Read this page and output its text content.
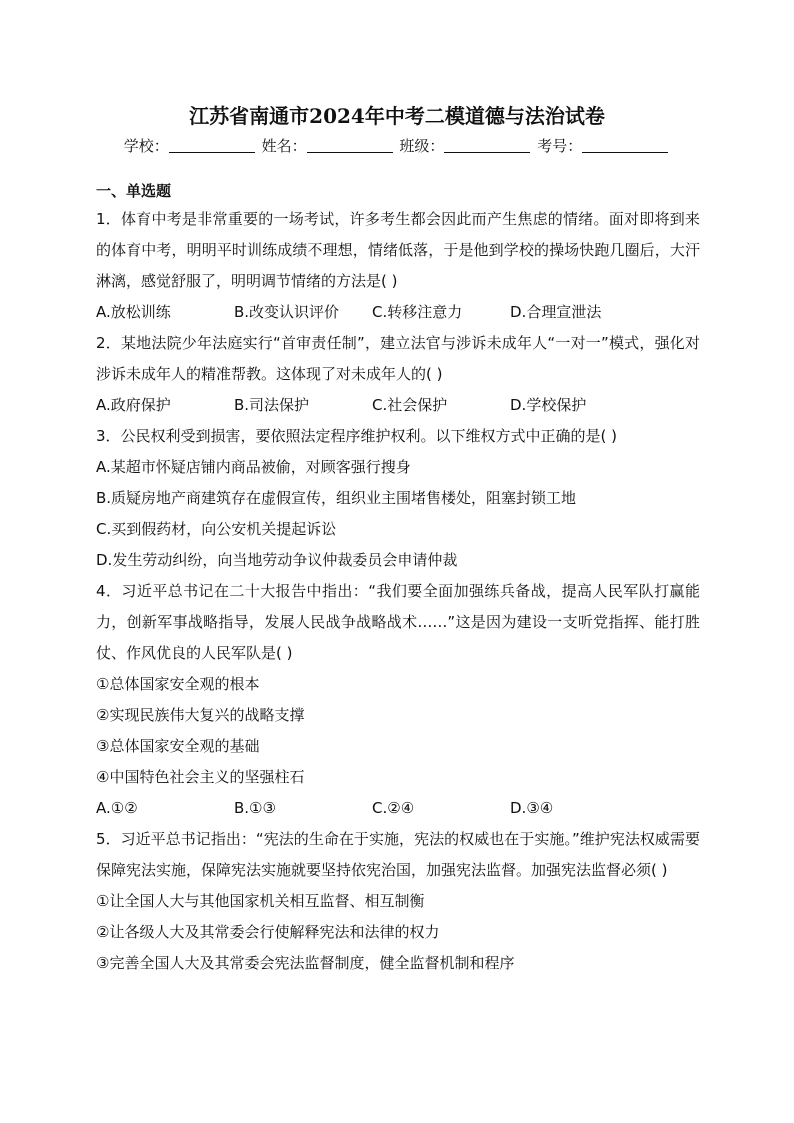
江苏省南通市2024年中考二模道德与法治试卷
学校：	姓名：	班级：	考号：
一、单选题
1．体育中考是非常重要的一场考试，许多考生都会因此而产生焦虑的情绪。面对即将到来的体育中考，明明平时训练成绩不理想，情绪低落，于是他到学校的操场快跑几圈后，大汗淋漓，感觉舒服了，明明调节情绪的方法是( )
A.放松训练	B.改变认识评价	C.转移注意力	D.合理宣泄法
2．某地法院少年法庭实行“首审责任制”，建立法官与涉诉未成年人“一对一”模式，强化对涉诉未成年人的精准帮教。这体现了对未成年人的( )
A.政府保护	B.司法保护	C.社会保护	D.学校保护
3．公民权利受到损害，要依照法定程序维护权利。以下维权方式中正确的是( )
A.某超市怀疑店铺内商品被偷，对顾客强行搜身
B.质疑房地产商建筑存在虚假宣传，组织业主围堵售楼处，阻塞封锁工地
C.买到假药材，向公安机关提起诉讼
D.发生劳动纠纷，向当地劳动争议仲裁委员会申请仲裁
4．习近平总书记在二十大报告中指出：“我们要全面加强练兵备战，提高人民军队打赢能力，创新军事战略指导，发展人民战争战略战术……”这是因为建设一支听党指挥、能打胜仗、作风优良的人民军队是( )
①总体国家安全观的根本
②实现民族伟大复兴的战略支撑
③总体国家安全观的基础
④中国特色社会主义的坚强柱石
A.①②	B.①③	C.②④	D.③④
5．习近平总书记指出：“宪法的生命在于实施，宪法的权威也在于实施。”维护宪法权威需要保障宪法实施，保障宪法实施就要坚持依宪治国，加强宪法监督。加强宪法监督必须( )
①让全国人大与其他国家机关相互监督、相互制衡
②让各级人大及其常委会行使解释宪法和法律的权力
③完善全国人大及其常委会宪法监督制度，健全监督机制和程序
